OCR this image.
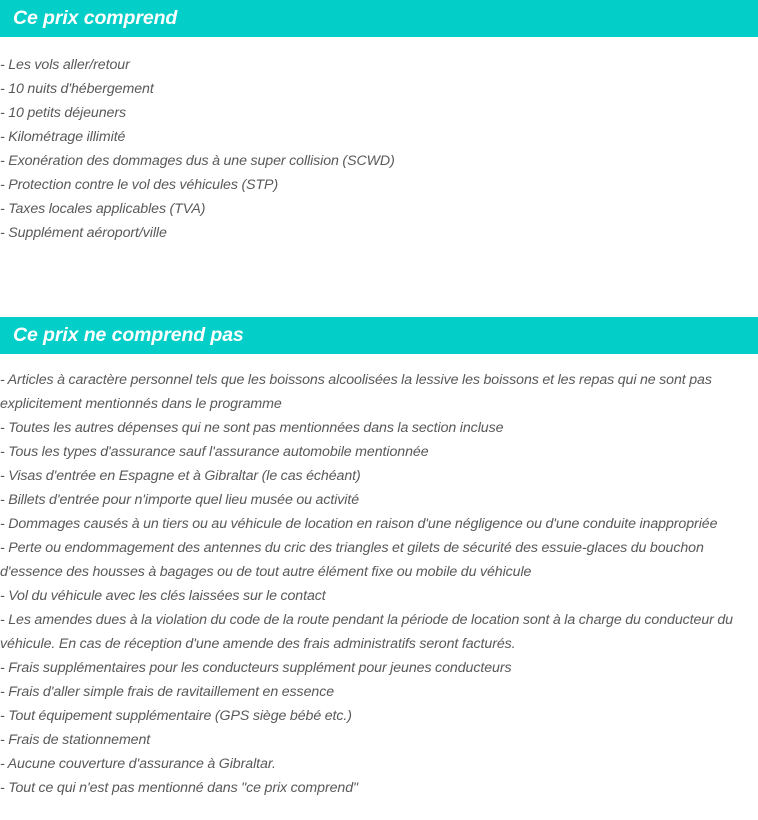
Ce prix comprend
- Les vols aller/retour
- 10 nuits d'hébergement
- 10 petits déjeuners
- Kilométrage illimité
- Exonération des dommages dus à une super collision (SCWD)
- Protection contre le vol des véhicules (STP)
- Taxes locales applicables (TVA)
- Supplément aéroport/ville
Ce prix ne comprend pas
- Articles à caractère personnel tels que les boissons alcoolisées la lessive les boissons et les repas qui ne sont pas explicitement mentionnés dans le programme
- Toutes les autres dépenses qui ne sont pas mentionnées dans la section incluse
- Tous les types d'assurance sauf l'assurance automobile mentionnée
- Visas d'entrée en Espagne et à Gibraltar (le cas échéant)
- Billets d'entrée pour n'importe quel lieu musée ou activité
- Dommages causés à un tiers ou au véhicule de location en raison d'une négligence ou d'une conduite inappropriée
- Perte ou endommagement des antennes du cric des triangles et gilets de sécurité des essuie-glaces du bouchon d'essence des housses à bagages ou de tout autre élément fixe ou mobile du véhicule
- Vol du véhicule avec les clés laissées sur le contact
- Les amendes dues à la violation du code de la route pendant la période de location sont à la charge du conducteur du véhicule. En cas de réception d'une amende des frais administratifs seront facturés.
- Frais supplémentaires pour les conducteurs supplément pour jeunes conducteurs
- Frais d'aller simple frais de ravitaillement en essence
- Tout équipement supplémentaire (GPS siège bébé etc.)
- Frais de stationnement
- Aucune couverture d'assurance à Gibraltar.
- Tout ce qui n'est pas mentionné dans "ce prix comprend"
